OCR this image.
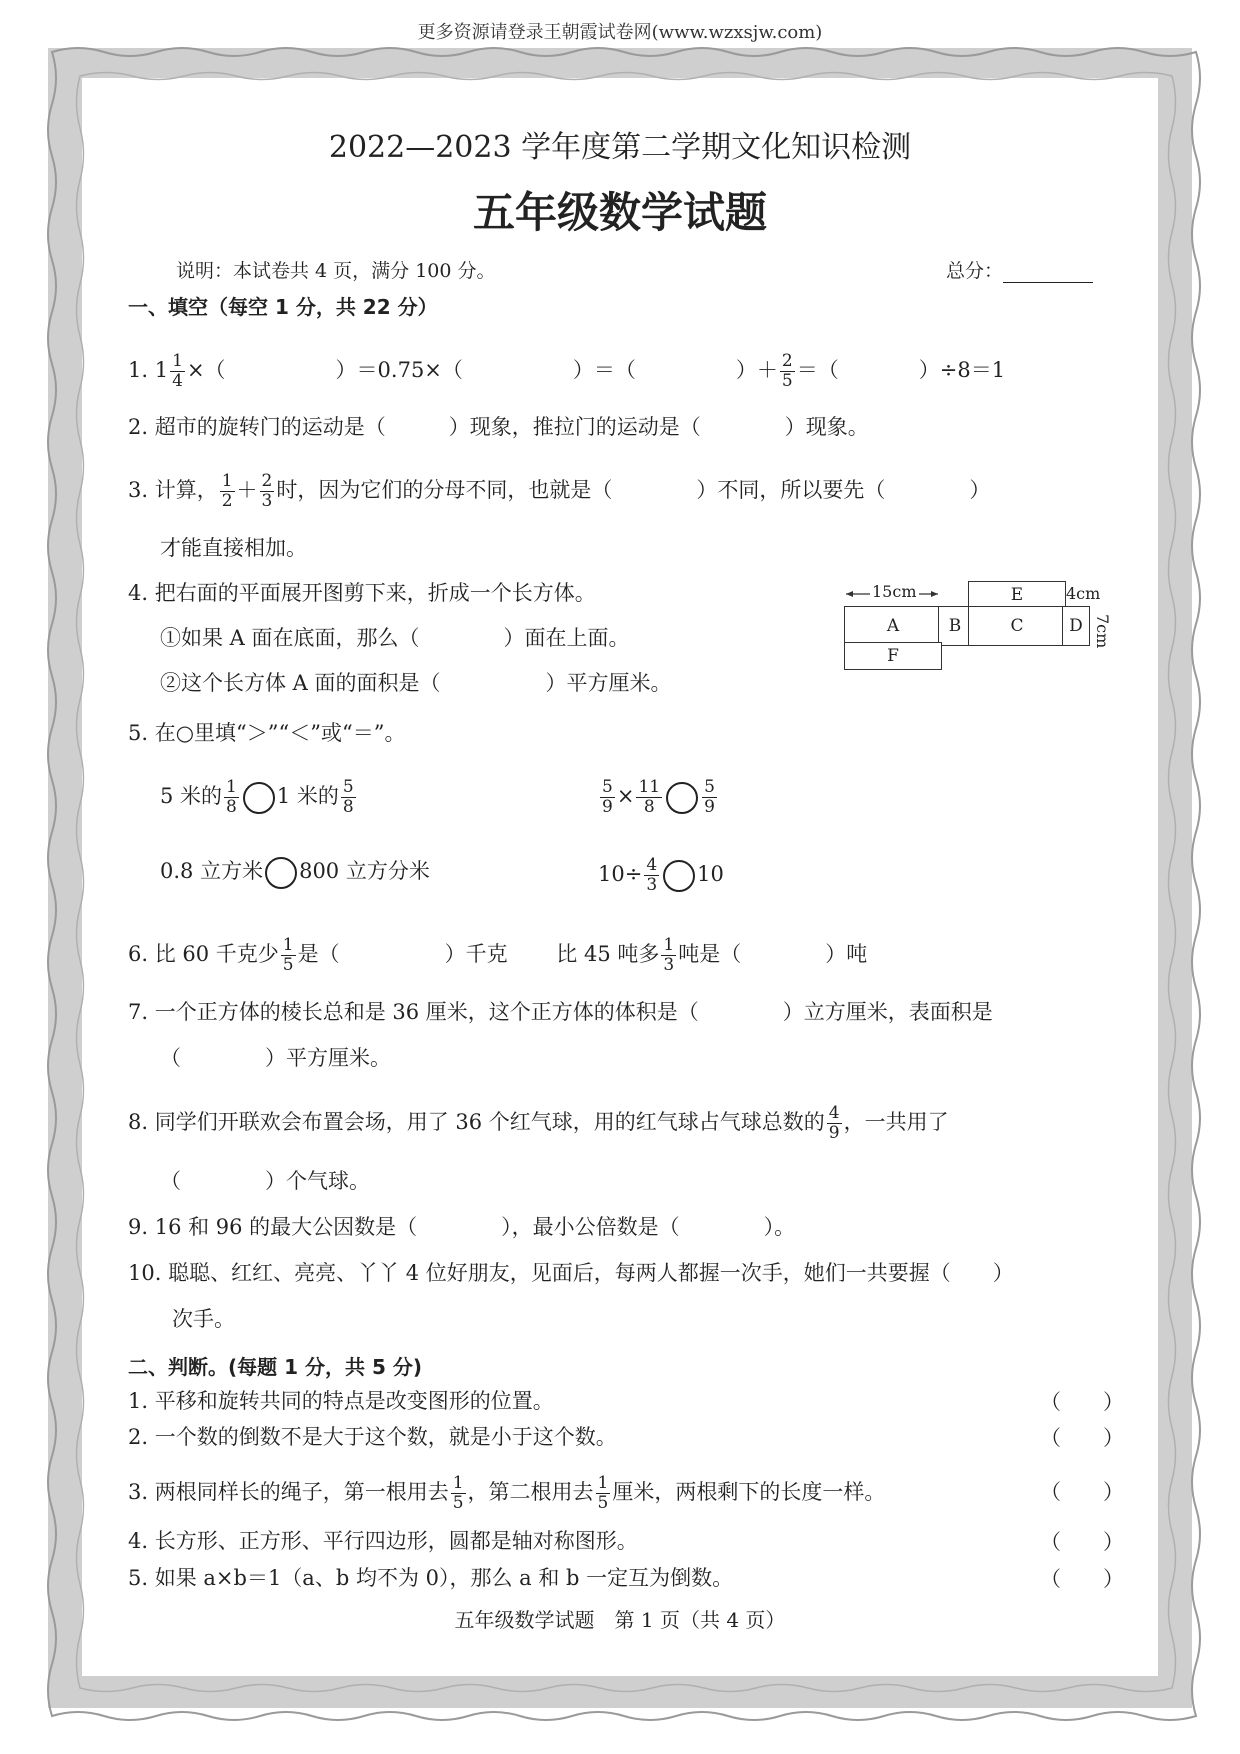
更多资源请登录王朝霞试卷网(www.wzxsjw.com)
2022—2023 学年度第二学期文化知识检测
五年级数学试题
说明：本试卷共 4 页，满分 100 分。	总分：
一、填空（每空 1 分，共 22 分）
1. $1 \frac{1}{4}$ ×（	）＝0.75×（	）＝（	）＋ $\frac{2}{5}$ ＝（	）÷8＝1
2. 超市的旋转门的运动是（　　　）现象，推拉门的运动是（　　　　）现象。
3. 计算， $\frac{1}{2} + \frac{2}{3}$ 时，因为它们的分母不同，也就是（　　　　）不同，所以要先（　　　　）
才能直接相加。
4. 把右面的平面展开图剪下来，折成一个长方体。
①如果 A 面在底面，那么（　　　　）面在上面。
②这个长方体 A 面的面积是（　　　　　）平方厘米。
E
A	B	C	D
F
15cm	4cm
7cm
5. 在○里填“＞”“＜”或“＝”。
5 米的 $\frac{1}{8} 1$ 米的 $\frac{5}{8}$	$\frac{5}{9} \times \frac{11}{8} \frac{5}{9}$
0.8 立方米 800 立方分米	$10\div \frac{4}{3} 10$
6. 比 60 千克少 $\frac{1}{5}$ 是（　　　　　）千克　　 比 45 吨多 $\frac{1}{3}$ 吨是（　　　　）吨
7. 一个正方体的棱长总和是 36 厘米，这个正方体的体积是（　　　　）立方厘米，表面积是
（　　　　）平方厘米。
8. 同学们开联欢会布置会场，用了 36 个红气球，用的红气球占气球总数的 $\frac{4}{9}$ ，一共用了
（　　　　）个气球。
9. 16 和 96 的最大公因数是（　　　　），最小公倍数是（　　　　）。
10. 聪聪、红红、亮亮、丫丫 4 位好朋友，见面后，每两人都握一次手，她们一共要握（　　）
次手。
二、判断。(每题 1 分，共 5 分)
1. 平移和旋转共同的特点是改变图形的位置。	（　　）
2. 一个数的倒数不是大于这个数，就是小于这个数。	（　　）
3. 两根同样长的绳子，第一根用去 $\frac{1}{5}$ ，第二根用去 $\frac{1}{5}$ 厘米，两根剩下的长度一样。	（　　）
4. 长方形、正方形、平行四边形，圆都是轴对称图形。	（　　）
5. 如果 a×b＝1（a、b 均不为 0），那么 a 和 b 一定互为倒数。	（　　）
五年级数学试题　第 1 页（共 4 页）
